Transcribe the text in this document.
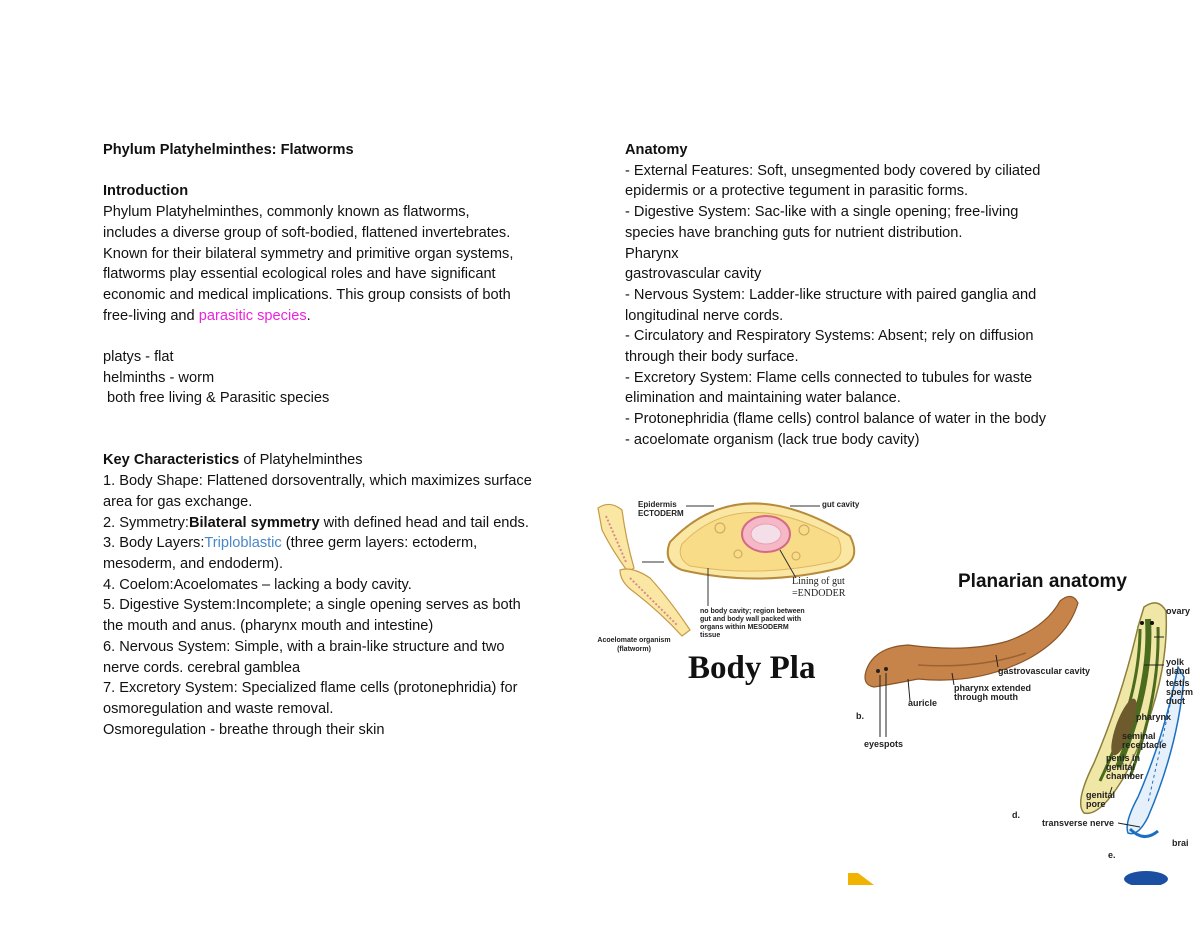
Phylum Platyhelminthes: Flatworms
Introduction
Phylum Platyhelminthes, commonly known as flatworms,
includes a diverse group of soft-bodied, flattened invertebrates.
Known for their bilateral symmetry and primitive organ systems,
flatworms play essential ecological roles and have significant
economic and medical implications. This group consists of both
free-living and parasitic species.
platys - flat
helminths - worm
both free living & Parasitic species
Key Characteristics of Platyhelminthes
1. Body Shape: Flattened dorsoventrally, which maximizes surface
area for gas exchange.
2. Symmetry:Bilateral symmetry with defined head and tail ends.
3. Body Layers:Triploblastic (three germ layers: ectoderm,
mesoderm, and endoderm).
4. Coelom:Acoelomates – lacking a body cavity.
5. Digestive System:Incomplete; a single opening serves as both
the mouth and anus. (pharynx mouth and intestine)
6. Nervous System: Simple, with a brain-like structure and two
nerve cords. cerebral gamblea
7. Excretory System: Specialized flame cells (protonephridia) for
osmoregulation and waste removal.
Osmoregulation - breathe through their skin
Anatomy
- External Features: Soft, unsegmented body covered by ciliated
epidermis or a protective tegument in parasitic forms.
- Digestive System: Sac-like with a single opening; free-living
species have branching guts for nutrient distribution.
Pharynx
gastrovascular cavity
- Nervous System: Ladder-like structure with paired ganglia and
longitudinal nerve cords.
- Circulatory and Respiratory Systems: Absent; rely on diffusion
through their body surface.
- Excretory System: Flame cells connected to tubules for waste
elimination and maintaining water balance.
- Protonephridia (flame cells) control balance of water in the body
- acoelomate organism (lack true body cavity)
Epidermis
ECTODERM
gut cavity
Lining of gut
=ENDODER
no body cavity; region between
gut and body wall packed with
organs within MESODERM
tissue
Acoelomate organism
(flatworm)
Body Pla
Planarian anatomy
gastrovascular cavity
pharynx extended
through mouth
auricle
b.
eyespots
ovary
yolk
gland
testis
sperm
duct
pharynx
seminal
receptacle
penis in
genital
chamber
genital
pore
d.
transverse nerve
brai
e.
